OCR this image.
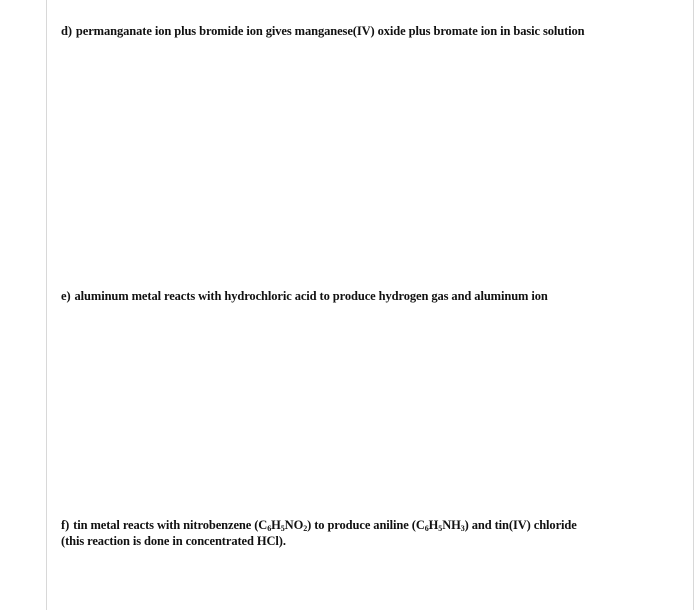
d) permanganate ion plus bromide ion gives manganese(IV) oxide plus bromate ion in basic solution
e) aluminum metal reacts with hydrochloric acid to produce hydrogen gas and aluminum ion
f) tin metal reacts with nitrobenzene $(C_6H_5NO_2)$ to produce aniline $(C_6H_5NH_3)$ and tin(IV) chloride
(this reaction is done in concentrated HCl).
